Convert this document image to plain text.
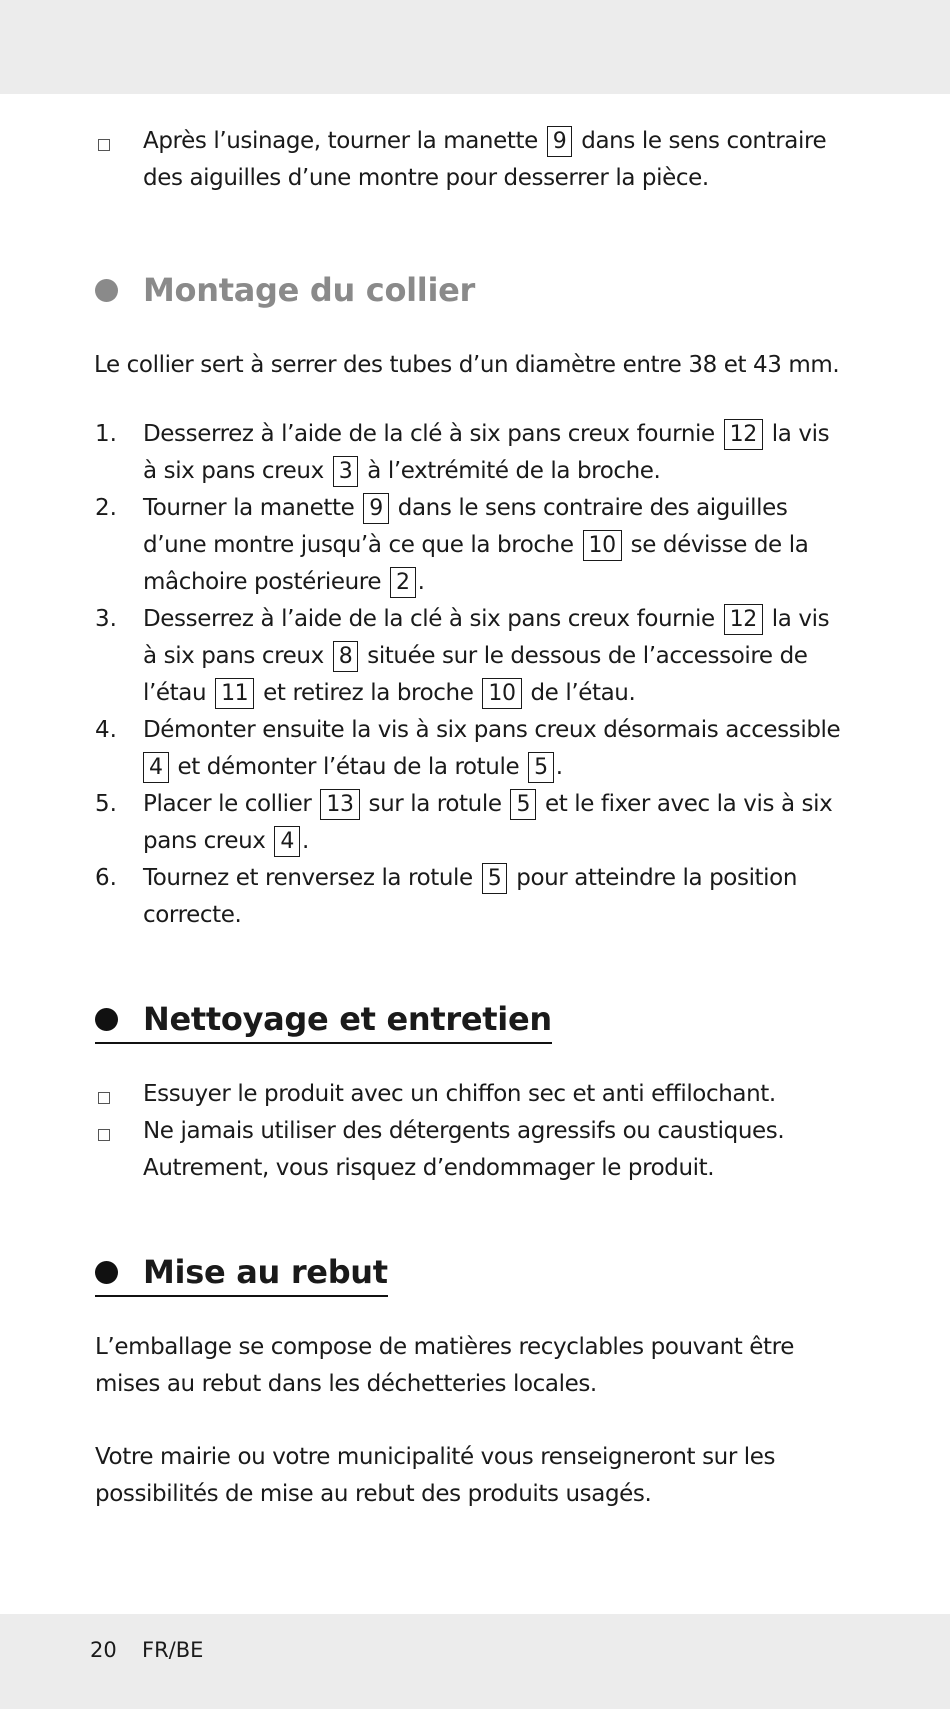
Après l’usinage, tourner la manette 9 dans le sens contraire
des aiguilles d’une montre pour desserrer la pièce.
Montage du collier
Le collier sert à serrer des tubes d’un diamètre entre 38 et 43 mm.
1.	Desserrez à l’aide de la clé à six pans creux fournie 12 la vis
à six pans creux 3 à l’extrémité de la broche.
2.	Tourner la manette 9 dans le sens contraire des aiguilles
d’une montre jusqu’à ce que la broche 10 se dévisse de la
mâchoire postérieure 2 .
3.	Desserrez à l’aide de la clé à six pans creux fournie 12 la vis
à six pans creux 8 située sur le dessous de l’accessoire de
l’étau 11 et retirez la broche 10 de l’étau.
4.	Démonter ensuite la vis à six pans creux désormais accessible
4 et démonter l’étau de la rotule 5 .
5.	Placer le collier 13 sur la rotule 5 et le fixer avec la vis à six
pans creux 4 .
6.	Tournez et renversez la rotule 5 pour atteindre la position
correcte.
Nettoyage et entretien
Essuyer le produit avec un chiffon sec et anti effilochant.
Ne jamais utiliser des détergents agressifs ou caustiques.
Autrement, vous risquez d’endommager le produit.
Mise au rebut
L’emballage se compose de matières recyclables pouvant être
mises au rebut dans les déchetteries locales.
Votre mairie ou votre municipalité vous renseigneront sur les
possibilités de mise au rebut des produits usagés.
20 FR/BE
